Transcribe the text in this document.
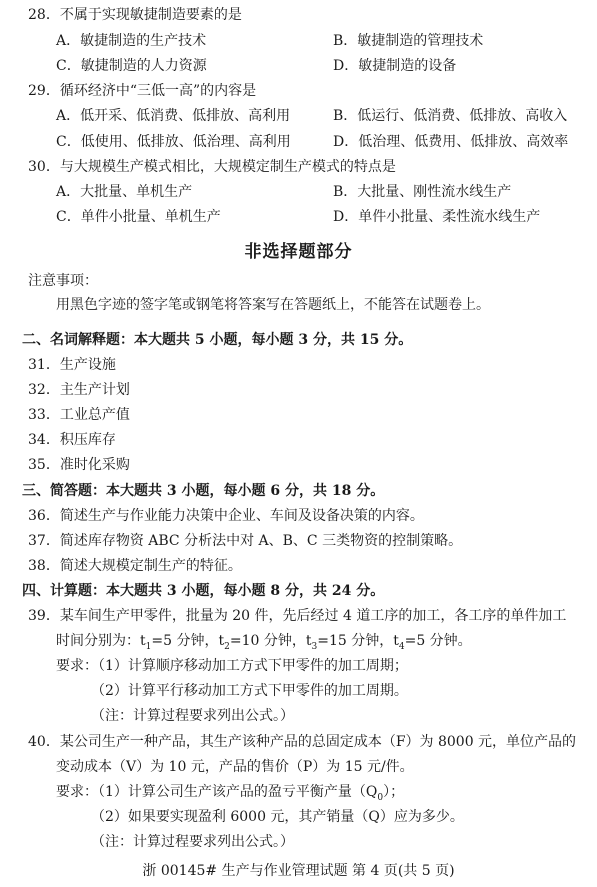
28．不属于实现敏捷制造要素的是
A．敏捷制造的生产技术	B．敏捷制造的管理技术
C．敏捷制造的人力资源	D．敏捷制造的设备
29．循环经济中“三低一高”的内容是
A．低开采、低消费、低排放、高利用	B．低运行、低消费、低排放、高收入
C．低使用、低排放、低治理、高利用	D．低治理、低费用、低排放、高效率
30．与大规模生产模式相比，大规模定制生产模式的特点是
A．大批量、单机生产	B．大批量、刚性流水线生产
C．单件小批量、单机生产	D．单件小批量、柔性流水线生产
非选择题部分
注意事项：
用黑色字迹的签字笔或钢笔将答案写在答题纸上，不能答在试题卷上。
二、名词解释题：本大题共 5 小题，每小题 3 分，共 15 分。
31．生产设施
32．主生产计划
33．工业总产值
34．积压库存
35．准时化采购
三、简答题：本大题共 3 小题，每小题 6 分，共 18 分。
36．简述生产与作业能力决策中企业、车间及设备决策的内容。
37．简述库存物资 ABC 分析法中对 A、B、C 三类物资的控制策略。
38．简述大规模定制生产的特征。
四、计算题：本大题共 3 小题，每小题 8 分，共 24 分。
39．某车间生产甲零件，批量为 20 件，先后经过 4 道工序的加工，各工序的单件加工
时间分别为：$t_1=5$ 分钟，$t_2=10$ 分钟，$t_3=15$ 分钟，$t_4=5$ 分钟。
要求：（1）计算顺序移动加工方式下甲零件的加工周期；
（2）计算平行移动加工方式下甲零件的加工周期。
（注：计算过程要求列出公式。）
40．某公司生产一种产品，其生产该种产品的总固定成本（F）为 8000 元，单位产品的
变动成本（V）为 10 元，产品的售价（P）为 15 元/件。
要求：（1）计算公司生产该产品的盈亏平衡产量$(Q_0)$；
（2）如果要实现盈利 6000 元，其产销量（Q）应为多少。
（注：计算过程要求列出公式。）
浙 00145# 生产与作业管理试题 第 4 页(共 5 页)
